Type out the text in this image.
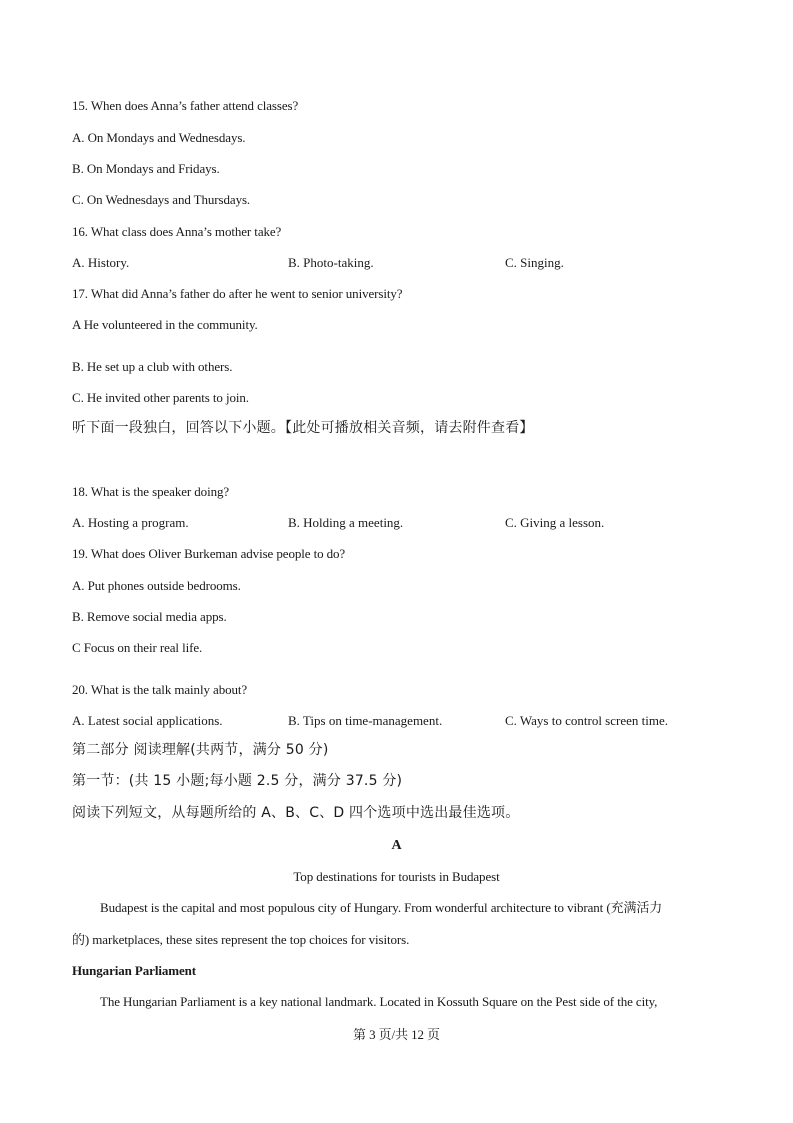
15. When does Anna’s father attend classes?
A. On Mondays and Wednesdays.
B. On Mondays and Fridays.
C. On Wednesdays and Thursdays.
16. What class does Anna’s mother take?
A. History.	B. Photo-taking.	C. Singing.
17. What did Anna’s father do after he went to senior university?
A He volunteered in the community.
B. He set up a club with others.
C. He invited other parents to join.
听下面一段独白，回答以下小题。【此处可播放相关音频，请去附件查看】
18. What is the speaker doing?
A. Hosting a program.	B. Holding a meeting.	C. Giving a lesson.
19. What does Oliver Burkeman advise people to do?
A. Put phones outside bedrooms.
B. Remove social media apps.
C Focus on their real life.
20. What is the talk mainly about?
A. Latest social applications.	B. Tips on time-management.	C. Ways to control screen time.
第二部分 阅读理解(共两节，满分 50 分)
第一节：(共 15 小题;每小题 2.5 分，满分 37.5 分)
阅读下列短文，从每题所给的 A、B、C、D 四个选项中选出最佳选项。
A
Top destinations for tourists in Budapest
Budapest is the capital and most populous city of Hungary. From wonderful architecture to vibrant (充满活力
的) marketplaces, these sites represent the top choices for visitors.
Hungarian Parliament
The Hungarian Parliament is a key national landmark. Located in Kossuth Square on the Pest side of the city,
第 3 页/共 12 页
